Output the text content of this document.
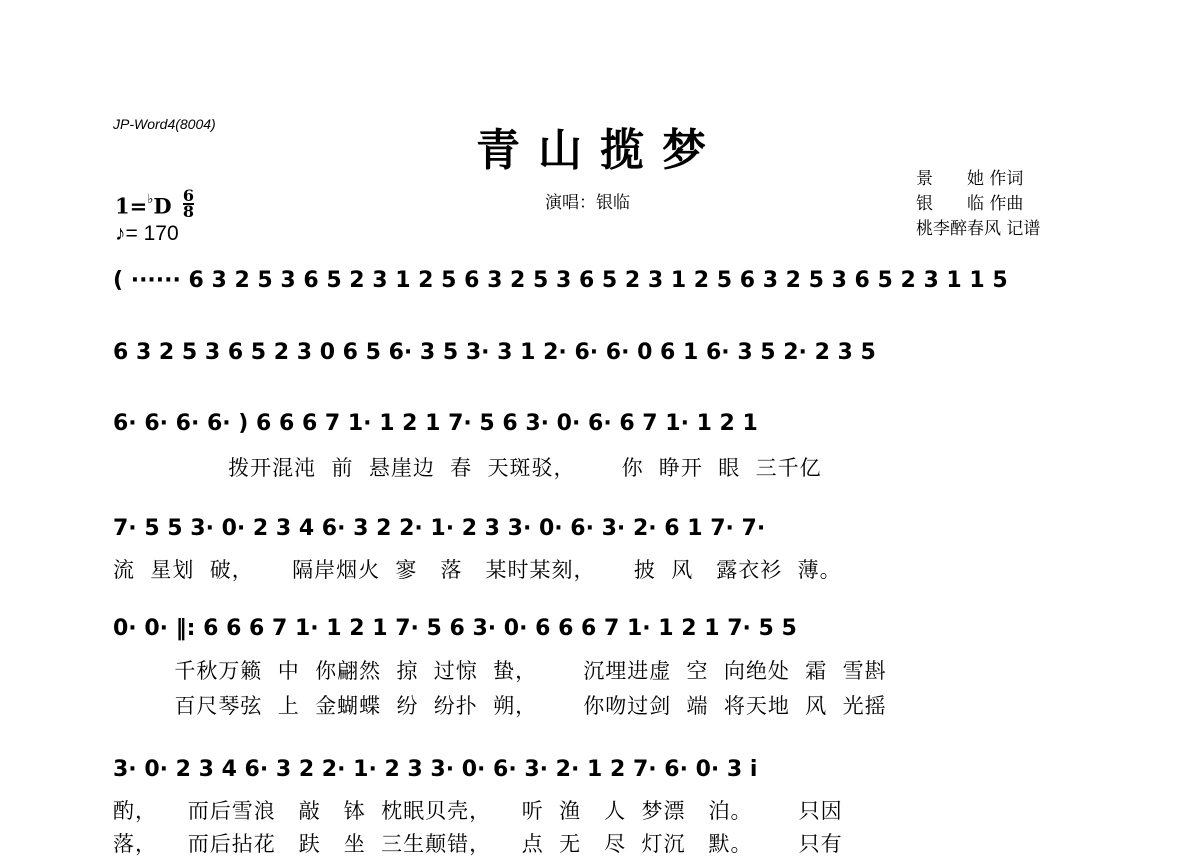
JP-Word4(8004)
青山揽梦
演唱：银临
景　　她 作词
银　　临 作曲
桃李醉春风 记谱
$1=^♭D \frac{6}{8}$
♪= 170
( ······ 6 3 2 5 3 6 5 2 3 1 2 5 6 3 2 5 3 6 5 2 3 1 2 5 6 3 2 5 3 6 5 2 3 1 1 5
6 3 2 5 3 6 5 2 3 0 6 5 6· 3 5 3· 3 1 2· 6· 6· 0 6 1 6· 3 5 2· 2 3 5
6· 6· 6· 6· ) 6 6 6 7 1· 1 2 1 7· 5 6 3· 0· 6· 6 7 1· 1 2 1
拨开混沌  前  悬崖边  春  天斑驳，      你  睁开  眼  三千亿
7· 5 5 3· 0· 2 3 4 6· 3 2 2· 1· 2 3 3· 0· 6· 3· 2· 6 1 7· 7·
流  星划  破，     隔岸烟火  寥   落   某时某刻，     披  风   露衣衫  薄。
0· 0· ‖: 6 6 6 7 1· 1 2 1 7· 5 6 3· 0· 6 6 6 7 1· 1 2 1 7· 5 5
千秋万籁  中  你翩然  掠  过惊  蛰，      沉埋进虚  空  向绝处  霜  雪斟
百尺琴弦  上  金蝴蝶  纷  纷扑  朔，      你吻过剑  端  将天地  风  光摇
3· 0· 2 3 4 6· 3 2 2· 1· 2 3 3· 0· 6· 3· 2· 1 2 7· 6· 0· 3 i
酌，    而后雪浪   敲   钵  枕眠贝壳，    听  渔   人  梦漂   泊。      只因
落，    而后拈花   趺   坐  三生颠错，    点  无   尽  灯沉   默。      只有
